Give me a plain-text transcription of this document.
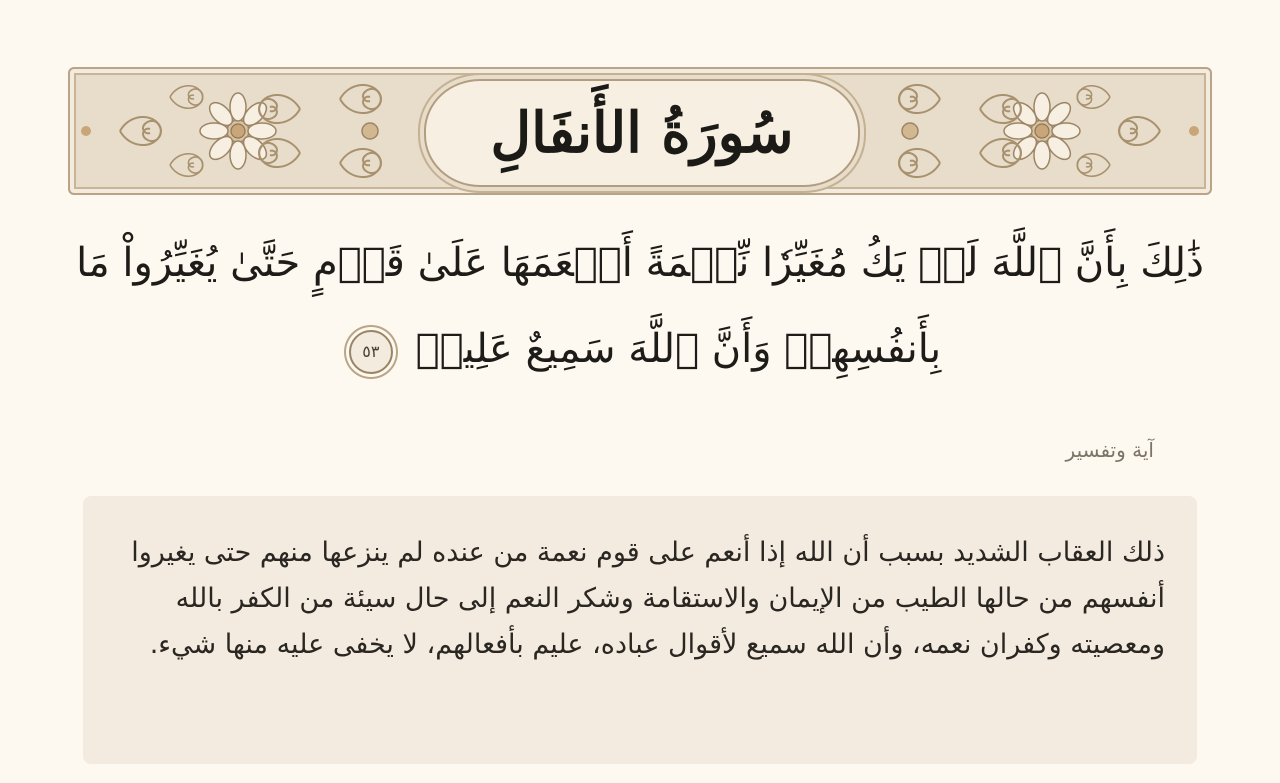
سُورَةُ الأَنفَالِ
ذَٰلِكَ بِأَنَّ ٱللَّهَ لَمۡ يَكُ مُغَيِّرٗا نِّعۡمَةً أَنۡعَمَهَا عَلَىٰ قَوۡمٍ حَتَّىٰ يُغَيِّرُواْ مَا بِأَنفُسِهِمۡ وَأَنَّ ٱللَّهَ سَمِيعٌ عَلِيمٞ ٥٣
آية وتفسير

ذلك العقاب الشديد بسبب أن الله إذا أنعم على قوم نعمة من عنده لم ينزعها منهم حتى يغيروا أنفسهم من حالها الطيب من الإيمان والاستقامة وشكر النعم إلى حال سيئة من الكفر بالله ومعصيته وكفران نعمه، وأن الله سميع لأقوال عباده، عليم بأفعالهم، لا يخفى عليه منها شيء.
